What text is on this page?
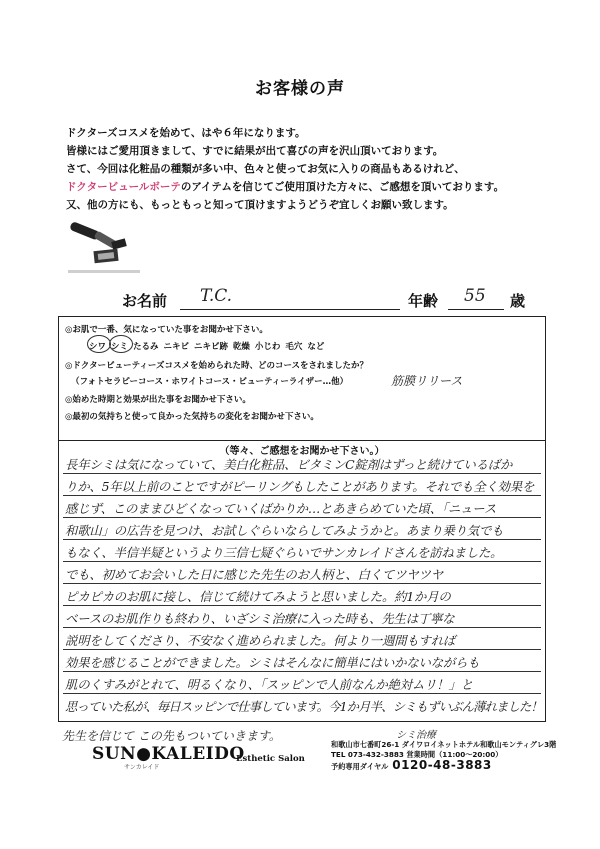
お客様の声
ドクターズコスメを始めて、はや６年になります。
皆様にはご愛用頂きまして、すでに結果が出て喜びの声を沢山頂いております。
さて、今回は化粧品の種類が多い中、色々と使ってお気に入りの商品もあるけれど、
ドクタービュールボーテのアイテムを信じてご使用頂けた方々に、ご感想を頂いております。
又、他の方にも、もっともっと知って頂けますようどうぞ宜しくお願い致します。
お名前 T.C.	年齢 55 歳
◎お肌で一番、気になっていた事をお聞かせ下さい。
シワ シミ たるみ ニキビ ニキビ跡 乾燥 小じわ 毛穴 など
◎ドクタービューティーズコスメを始められた時、どのコースをされましたか？
（フォトセラピーコース・ホワイトコース・ビューティーライザー…他）	筋膜リリース
◎始めた時期と効果が出た事をお聞かせ下さい。
◎最初の気持ちと使って良かった気持ちの変化をお聞かせ下さい。
（等々、ご感想をお聞かせ下さい。）
長年シミは気になっていて、美白化粧品、ビタミンC錠剤はずっと続けているばか
りか、5年以上前のことですがピーリングもしたことがあります。それでも全く効果を
感じず、このままひどくなっていくばかりか…とあきらめていた頃、「ニュース
和歌山」の広告を見つけ、お試しぐらいならしてみようかと。あまり乗り気でも
もなく、半信半疑というより三信七疑ぐらいでサンカレイドさんを訪ねました。
でも、初めてお会いした日に感じた先生のお人柄と、白くてツヤツヤ
ピカピカのお肌に接し、信じて続けてみようと思いました。約1か月の
ベースのお肌作りも終わり、いざシミ治療に入った時も、先生は丁寧な
説明をしてくださり、不安なく進められました。何より一週間もすれば
効果を感じることができました。シミはそんなに簡単にはいかないながらも
肌のくすみがとれて、明るくなり、「スッピンで人前なんか絶対ムリ！」と
思っていた私が、毎日スッピンで仕事しています。今1か月半、シミもずいぶん薄れました！
先生を信じて この先もついていきます。	シミ治療
SUN●KALEIDO
サンカレイド
Esthetic Salon
和歌山市七番町26-1 ダイワロイネットホテル和歌山モンティグレ3階
TEL 073-432-3883 営業時間（11:00～20:00）
予約専用ダイヤル 0120-48-3883
